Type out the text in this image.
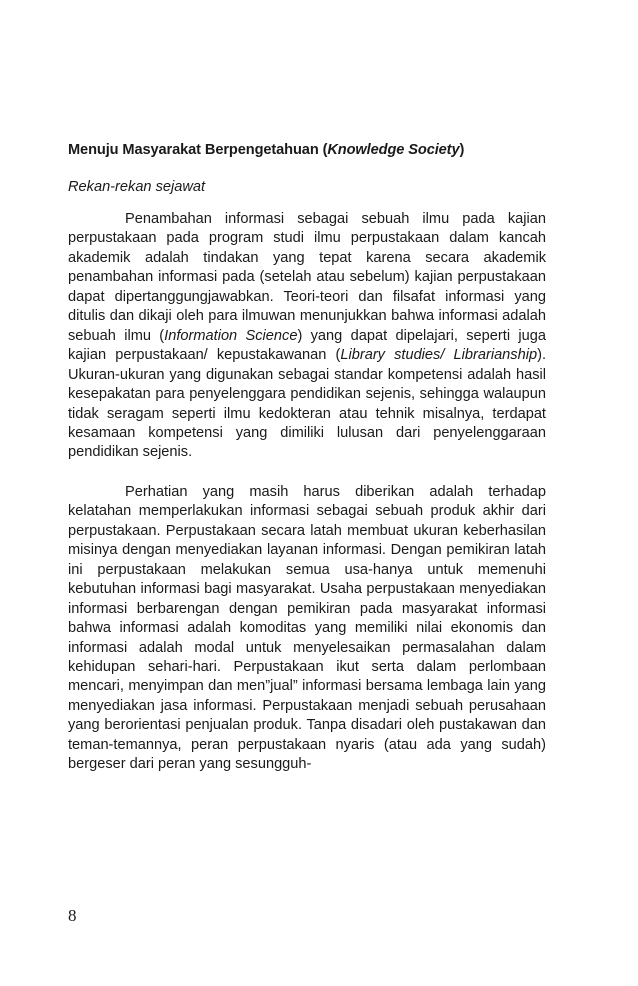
Menuju Masyarakat Berpengetahuan (Knowledge Society)

Rekan-rekan sejawat

Penambahan informasi sebagai sebuah ilmu pada kajian perpustakaan pada program studi ilmu perpustakaan dalam kancah akademik adalah tindakan yang tepat karena secara akademik penambahan informasi pada (setelah atau sebelum) kajian perpustakaan dapat dipertanggungjawabkan. Teori-teori dan filsafat informasi yang ditulis dan dikaji oleh para ilmuwan menunjukkan bahwa informasi adalah sebuah ilmu (Information Science) yang dapat dipelajari, seperti juga kajian perpustakaan/ kepustakawanan (Library studies/ Librarianship). Ukuran-ukuran yang digunakan sebagai standar kompetensi adalah hasil kesepakatan para penyelenggara pendidikan sejenis, sehingga walaupun tidak seragam seperti ilmu kedokteran atau tehnik misalnya, terdapat kesamaan kompetensi yang dimiliki lulusan dari penyelenggaraan pendidikan sejenis.

Perhatian yang masih harus diberikan adalah terhadap kelatahan memperlakukan informasi sebagai sebuah produk akhir dari perpustakaan. Perpustakaan secara latah membuat ukuran keberhasilan misinya dengan menyediakan layanan informasi. Dengan pemikiran latah ini perpustakaan melakukan semua usa-hanya untuk memenuhi kebutuhan informasi bagi masyarakat. Usaha perpustakaan menyediakan informasi berbarengan dengan pemikiran pada masyarakat informasi bahwa informasi adalah komoditas yang memiliki nilai ekonomis dan informasi adalah modal untuk menyelesaikan permasalahan dalam kehidupan sehari-hari. Perpustakaan ikut serta dalam perlombaan mencari, menyimpan dan men”jual” informasi bersama lembaga lain yang menyediakan jasa informasi. Perpustakaan menjadi sebuah perusahaan yang berorientasi penjualan produk. Tanpa disadari oleh pustakawan dan teman-temannya, peran perpustakaan nyaris (atau ada yang sudah) bergeser dari peran yang sesungguh-

8
